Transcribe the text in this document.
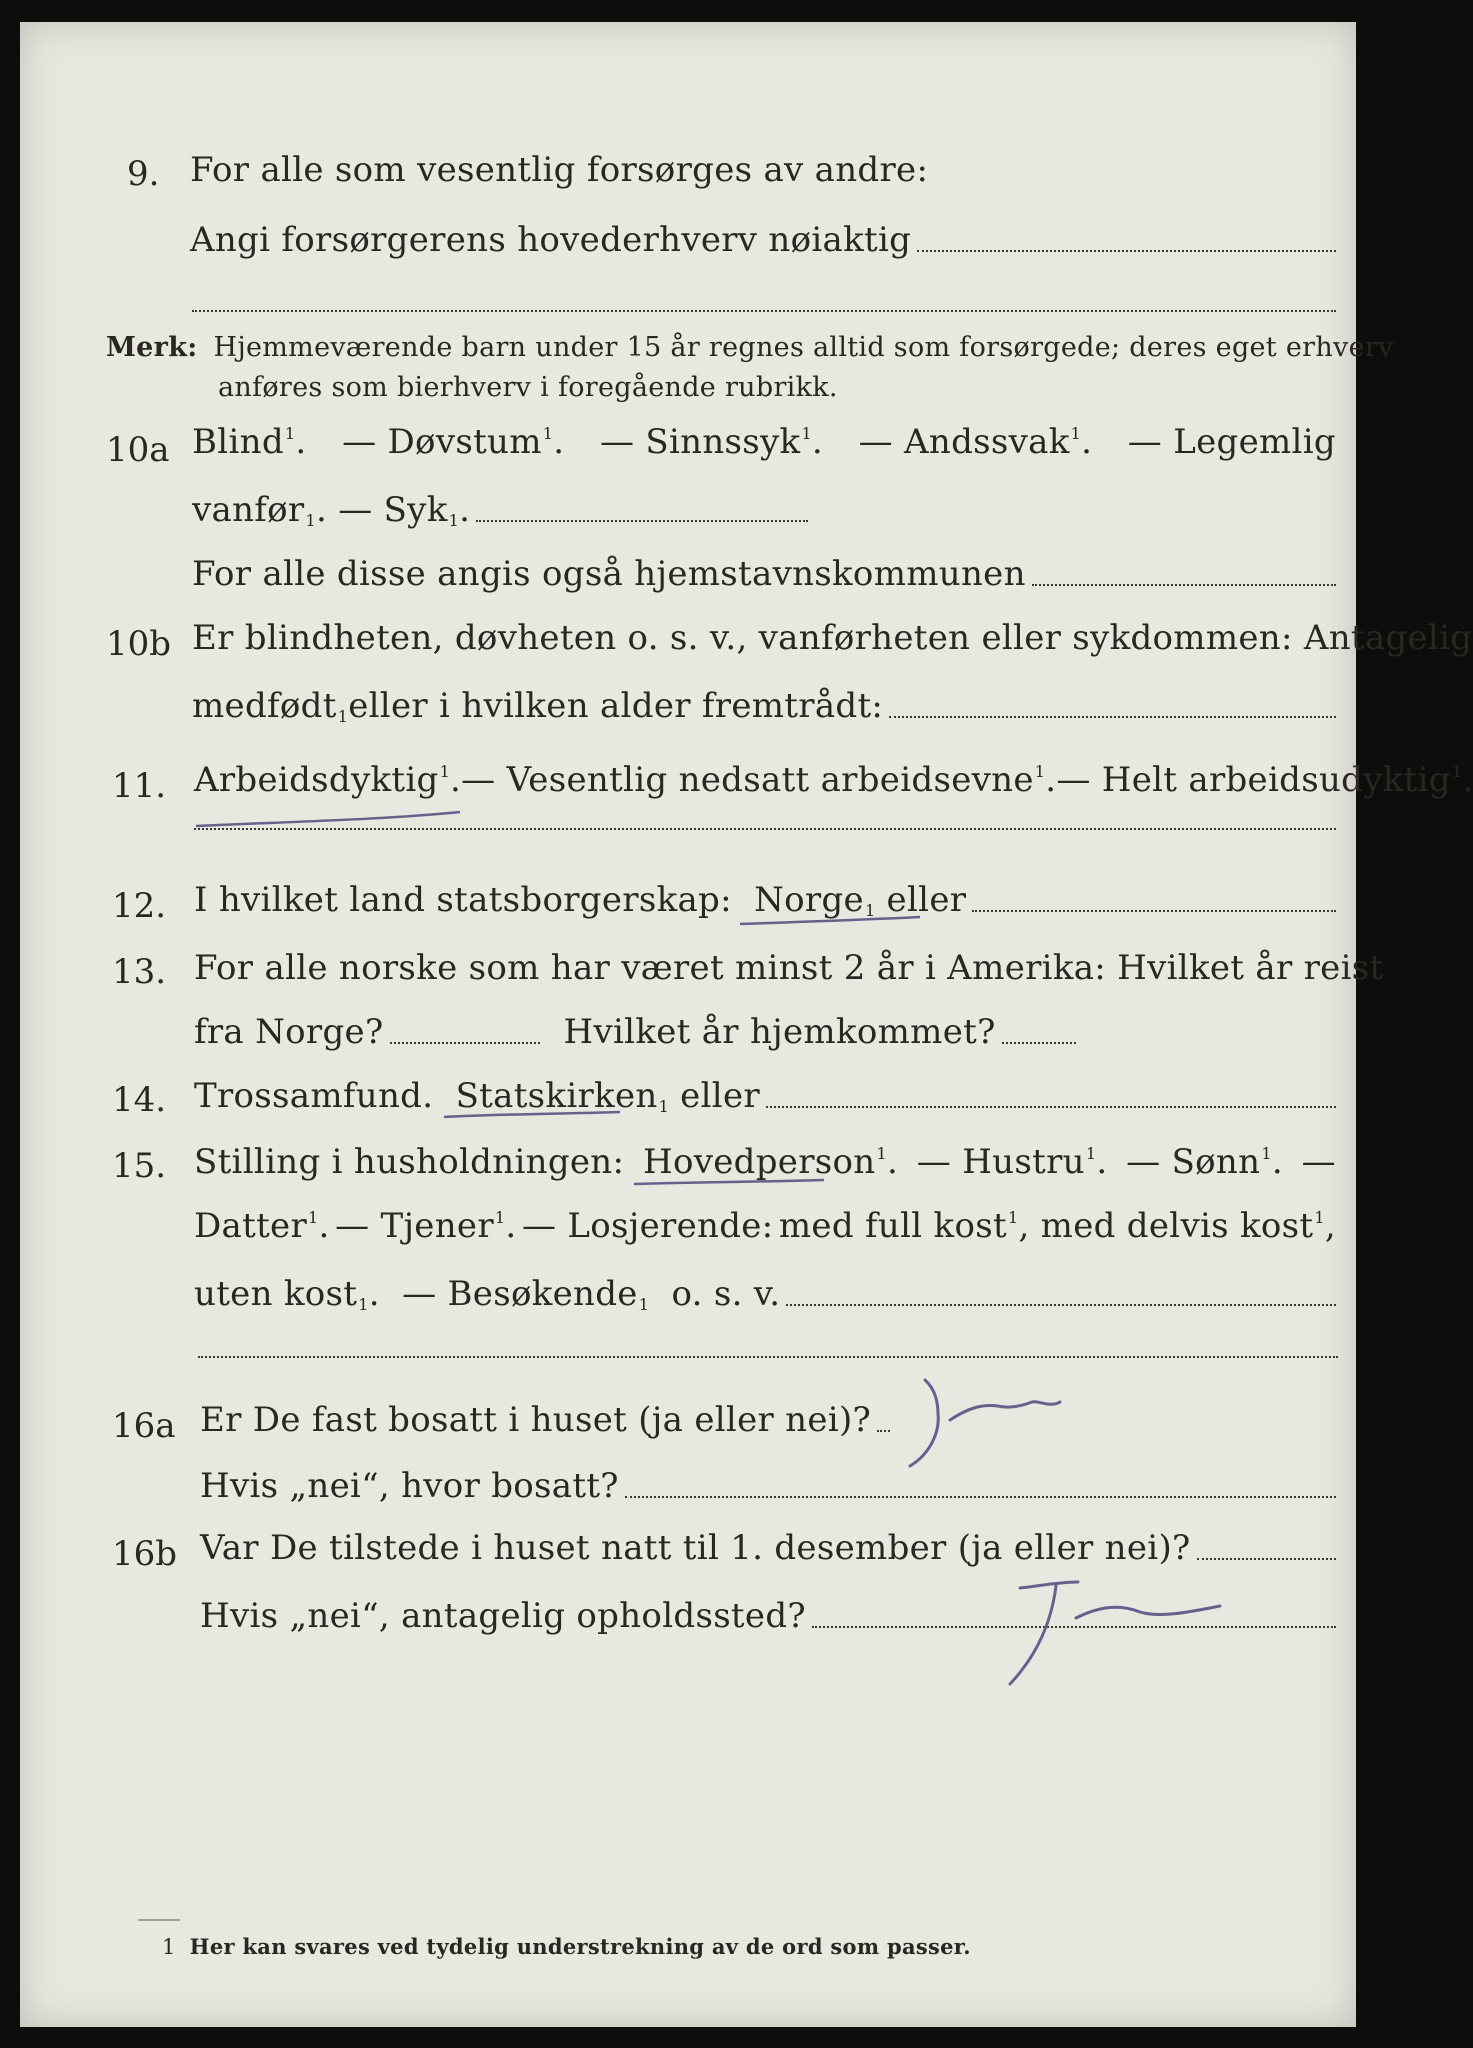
9. For alle som vesentlig forsørges av andre:
Angi forsørgerens hovederhverv nøiaktig
Merk: Hjemmeværende barn under 15 år regnes alltid som forsørgede; deres eget erhverv
anføres som bierhverv i foregående rubrikk.
10a Blind$^1$. — Døvstum$^1$. — Sinnssyk$^1$. — Andssvak$^1$. — Legemlig
vanfør$_1$ . — Syk$_1$ .
For alle disse angis også hjemstavnskommunen
10b Er blindheten, døvheten o. s. v., vanførheten eller sykdommen: Antagelig
medfødt$_1$ eller i hvilken alder fremtrådt:
11. Arbeidsdyktig$^1$. — Vesentlig nedsatt arbeidsevne$^1$. — Helt arbeidsudyktig$^1$.
12. I hvilket land statsborgerskap:
Norge$_1$
eller
13. For alle norske som har været minst 2 år i Amerika: Hvilket år reist
fra Norge?	Hvilket år hjemkommet?
14. Trossamfund.
Statskirken$_1$
eller
15. Stilling i husholdningen: Hovedperson$^1$. — Hustru$^1$. — Sønn$^1$. —
Datter$^1$. — Tjener$^1$. — Losjerende: med full kost$^1$, med delvis kost$^1$,
uten kost$_1$ . — Besøkende$_1$
o. s. v.
16a Er De fast bosatt i huset (ja eller nei)?
Hvis „nei“, hvor bosatt?
16b Var De tilstede i huset natt til 1. desember (ja eller nei)?
Hvis „nei“, antagelig opholdssted?
1 Her kan svares ved tydelig understrekning av de ord som passer.
